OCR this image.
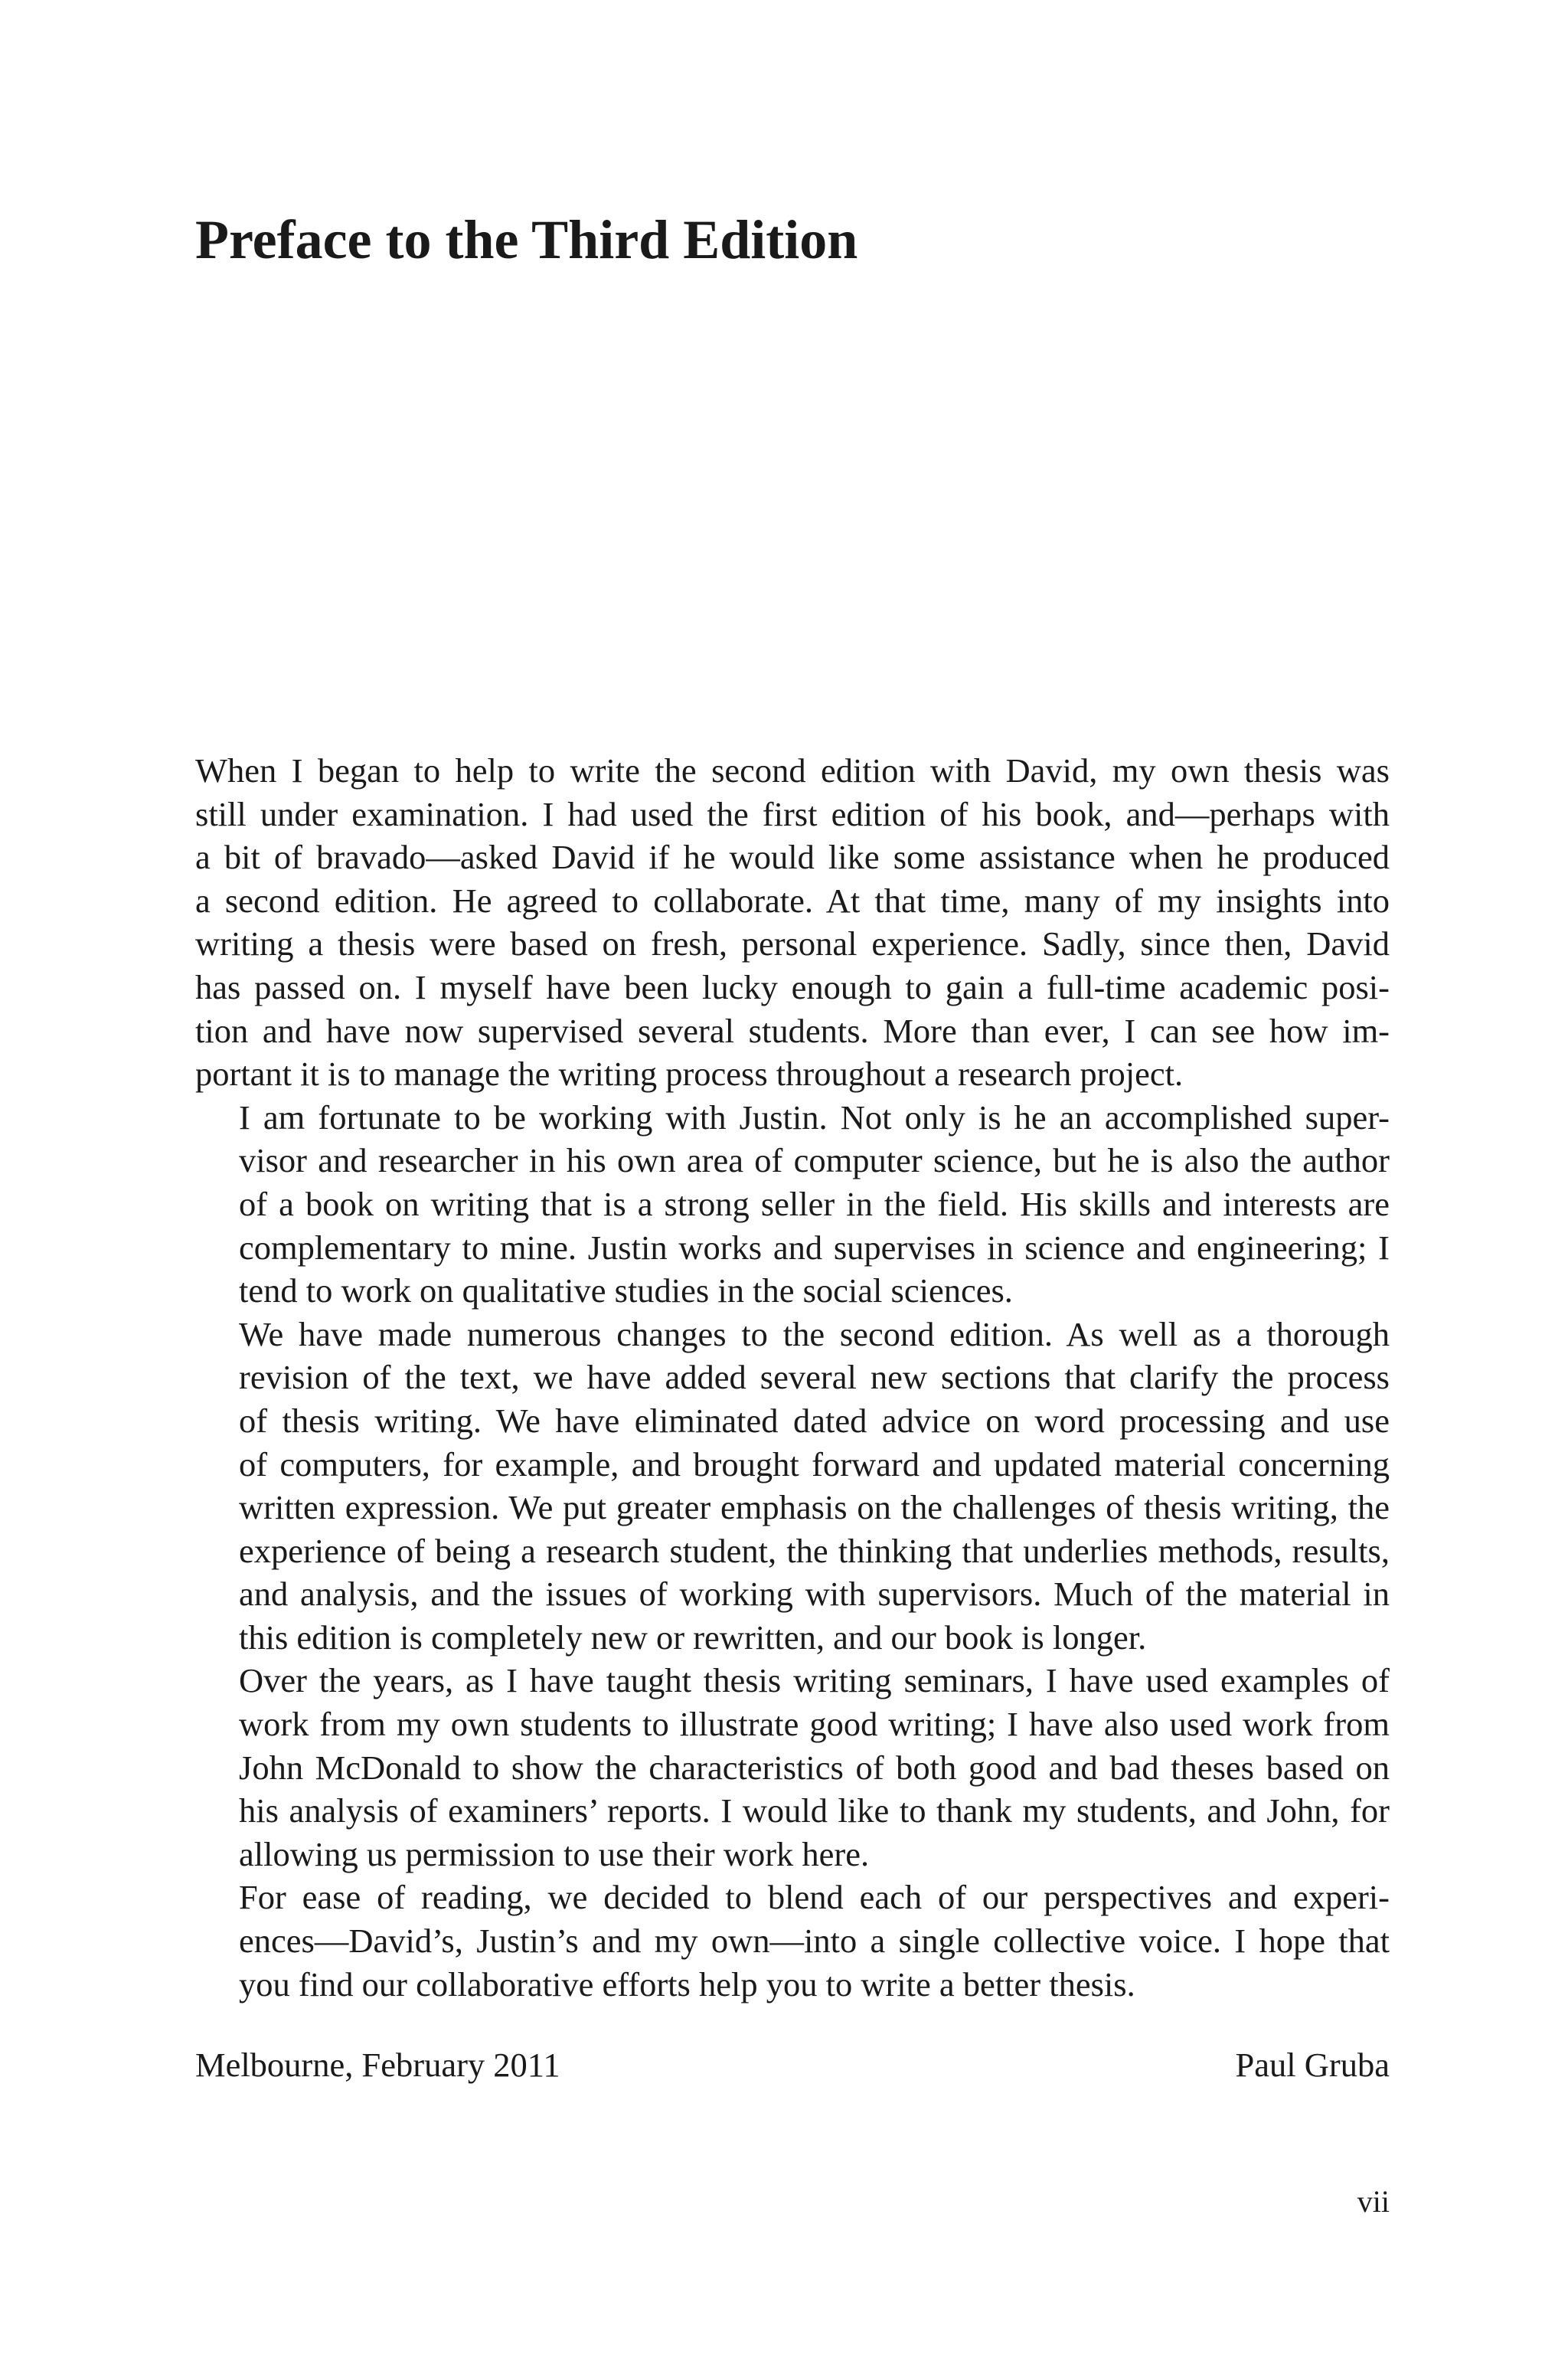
Preface to the Third Edition

When I began to help to write the second edition with David, my own thesis was
still under examination. I had used the first edition of his book, and—perhaps with
a bit of bravado—asked David if he would like some assistance when he produced
a second edition. He agreed to collaborate. At that time, many of my insights into
writing a thesis were based on fresh, personal experience. Sadly, since then, David
has passed on. I myself have been lucky enough to gain a full-time academic posi-
tion and have now supervised several students. More than ever, I can see how im-
portant it is to manage the writing process throughout a research project.

I am fortunate to be working with Justin. Not only is he an accomplished super-
visor and researcher in his own area of computer science, but he is also the author
of a book on writing that is a strong seller in the field. His skills and interests are
complementary to mine. Justin works and supervises in science and engineering; I
tend to work on qualitative studies in the social sciences.

We have made numerous changes to the second edition. As well as a thorough
revision of the text, we have added several new sections that clarify the process
of thesis writing. We have eliminated dated advice on word processing and use
of computers, for example, and brought forward and updated material concerning
written expression. We put greater emphasis on the challenges of thesis writing, the
experience of being a research student, the thinking that underlies methods, results,
and analysis, and the issues of working with supervisors. Much of the material in
this edition is completely new or rewritten, and our book is longer.

Over the years, as I have taught thesis writing seminars, I have used examples of
work from my own students to illustrate good writing; I have also used work from
John McDonald to show the characteristics of both good and bad theses based on
his analysis of examiners’ reports. I would like to thank my students, and John, for
allowing us permission to use their work here.

For ease of reading, we decided to blend each of our perspectives and experi-
ences—David’s, Justin’s and my own—into a single collective voice. I hope that
you find our collaborative efforts help you to write a better thesis.

Melbourne, February 2011	Paul Gruba
vii
